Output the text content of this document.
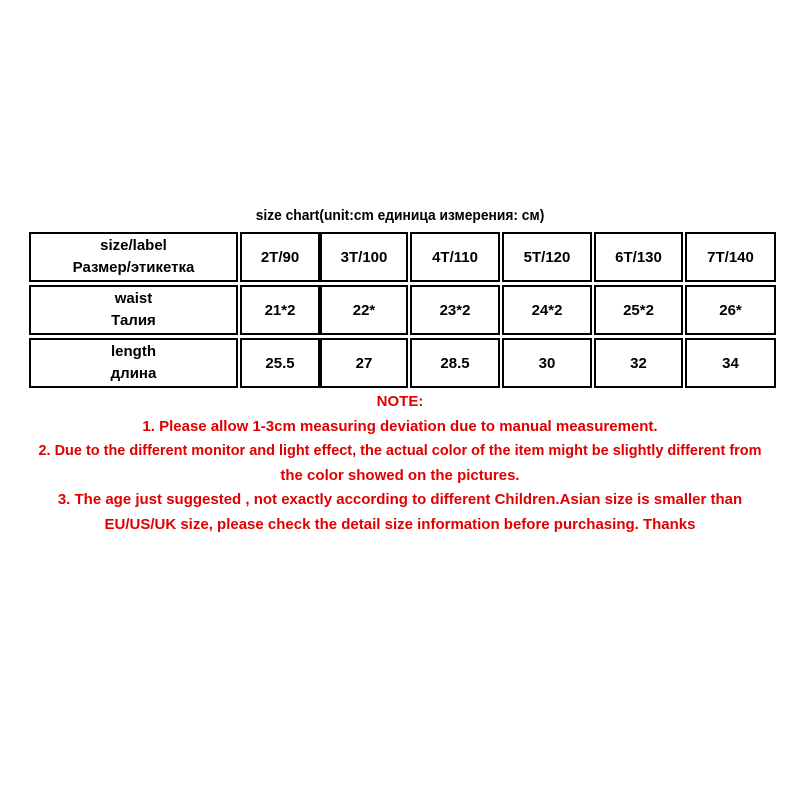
size chart(unit:cm единица измерения: см)
size/label
Размер/этикетка
2T/90	3T/100	4T/110	5T/120	6T/130	7T/140
waist
Талия
21*2	22*	23*2	24*2	25*2	26*
length
длина
25.5	27	28.5	30	32	34
NOTE:
1. Please allow 1-3cm measuring deviation due to manual measurement.
2. Due to the different monitor and light effect, the actual color of the item might be slightly different from
the color showed on the pictures.
3. The age just suggested , not exactly according to different Children.Asian size is smaller than
EU/US/UK size, please check the detail size information before purchasing. Thanks
